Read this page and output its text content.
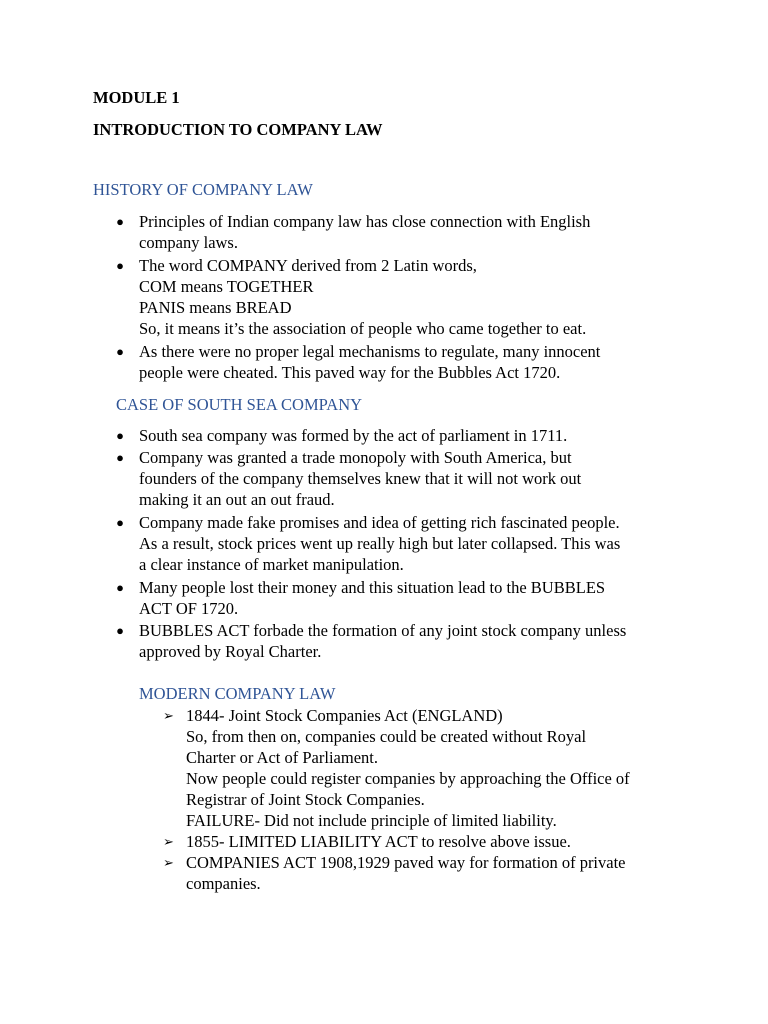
MODULE 1

INTRODUCTION TO COMPANY LAW

HISTORY OF COMPANY LAW

● Principles of Indian company law has close connection with English

company laws.

● The word COMPANY derived from 2 Latin words,

COM means TOGETHER

PANIS means BREAD

So, it means it’s the association of people who came together to eat.

● As there were no proper legal mechanisms to regulate, many innocent

people were cheated. This paved way for the Bubbles Act 1720.

CASE OF SOUTH SEA COMPANY

● South sea company was formed by the act of parliament in 1711.

● Company was granted a trade monopoly with South America, but

founders of the company themselves knew that it will not work out

making it an out an out fraud.

● Company made fake promises and idea of getting rich fascinated people.

As a result, stock prices went up really high but later collapsed. This was

a clear instance of market manipulation.

● Many people lost their money and this situation lead to the BUBBLES

ACT OF 1720.

● BUBBLES ACT forbade the formation of any joint stock company unless

approved by Royal Charter.

MODERN COMPANY LAW

➢ 1844- Joint Stock Companies Act (ENGLAND)

So, from then on, companies could be created without Royal

Charter or Act of Parliament.

Now people could register companies by approaching the Office of

Registrar of Joint Stock Companies.

FAILURE- Did not include principle of limited liability.

➢ 1855- LIMITED LIABILITY ACT to resolve above issue.

➢ COMPANIES ACT 1908,1929 paved way for formation of private

companies.
